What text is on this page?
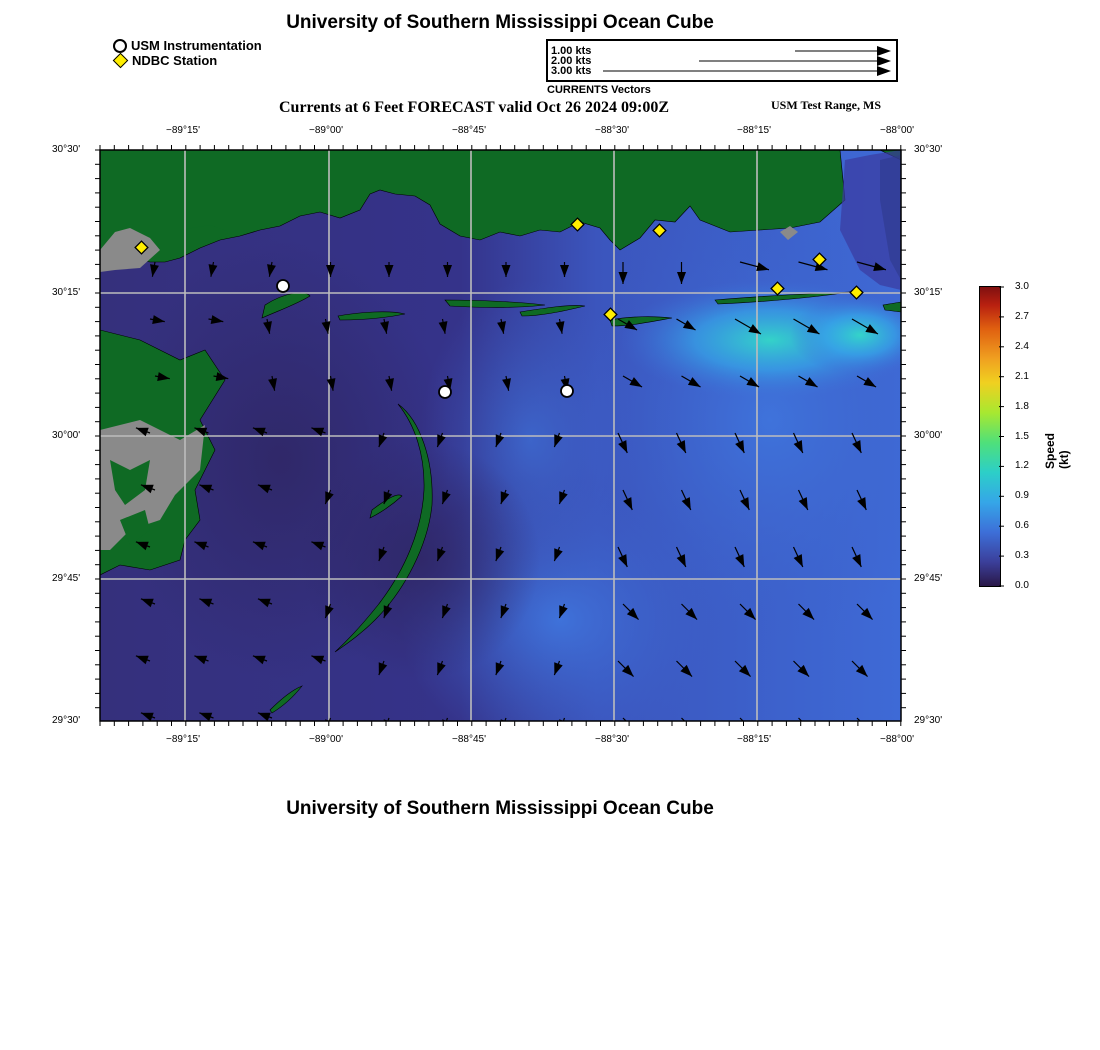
University of Southern Mississippi Ocean Cube
USM Instrumentation
NDBC Station
1.00 kts
2.00 kts
3.00 kts
CURRENTS Vectors
Currents at 6 Feet FORECAST valid Oct 26 2024 09:00Z	USM Test Range, MS
−89°15'	−89°00'	−88°45'	−88°30'	−88°15'	−88°00'
−89°15'	−89°00'	−88°45'	−88°30'	−88°15'	−88°00'
30°30'
30°15'
30°00'
29°45'
29°30'
30°30'
30°15'
30°00'
29°45'
29°30'
3.0
2.7
2.4
2.1
1.8
1.5
1.2
0.9
0.6
0.3
0.0
Speed (kt)
University of Southern Mississippi Ocean Cube
